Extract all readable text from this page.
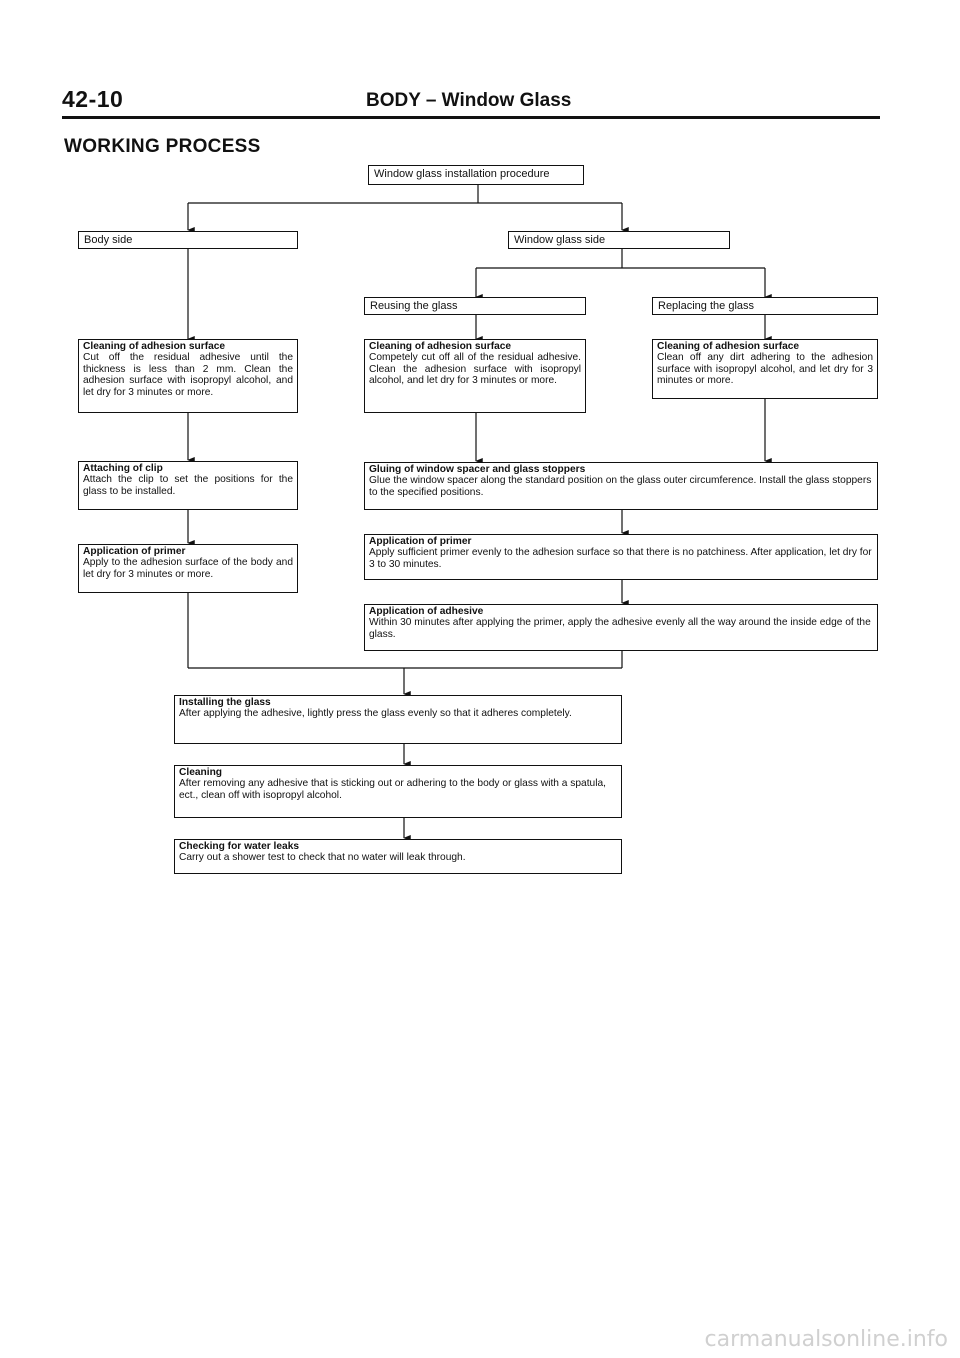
42-10	BODY – Window Glass
WORKING PROCESS
Window glass installation procedure
Body side	Window glass side
Reusing the glass	Replacing the glass
Cleaning of adhesion surface
Cut off the residual adhesive until the thickness is less than 2 mm. Clean the adhesion surface with isopropyl alcohol, and let dry for 3 minutes or more.
Cleaning of adhesion surface
Competely cut off all of the residual adhesive. Clean the adhesion surface with isopropyl alcohol, and let dry for 3 minutes or more.
Cleaning of adhesion surface
Clean off any dirt adhering to the adhesion surface with isopropyl alcohol, and let dry for 3 minutes or more.
Attaching of clip
Attach the clip to set the positions for the glass to be installed.
Application of primer
Apply to the adhesion surface of the body and let dry for 3 minutes or more.
Gluing of window spacer and glass stoppers
Glue the window spacer along the standard position on the glass outer circumference. Install the glass stoppers to the specified positions.
Application of primer
Apply sufficient primer evenly to the adhesion surface so that there is no patchiness. After application, let dry for 3 to 30 minutes.
Application of adhesive
Within 30 minutes after applying the primer, apply the adhesive evenly all the way around the inside edge of the glass.
Installing the glass
After applying the adhesive, lightly press the glass evenly so that it adheres completely.
Cleaning
After removing any adhesive that is sticking out or adhering to the body or glass with a spatula, ect., clean off with isopropyl alcohol.
Checking for water leaks
Carry out a shower test to check that no water will leak through.
carmanualsonline.info
